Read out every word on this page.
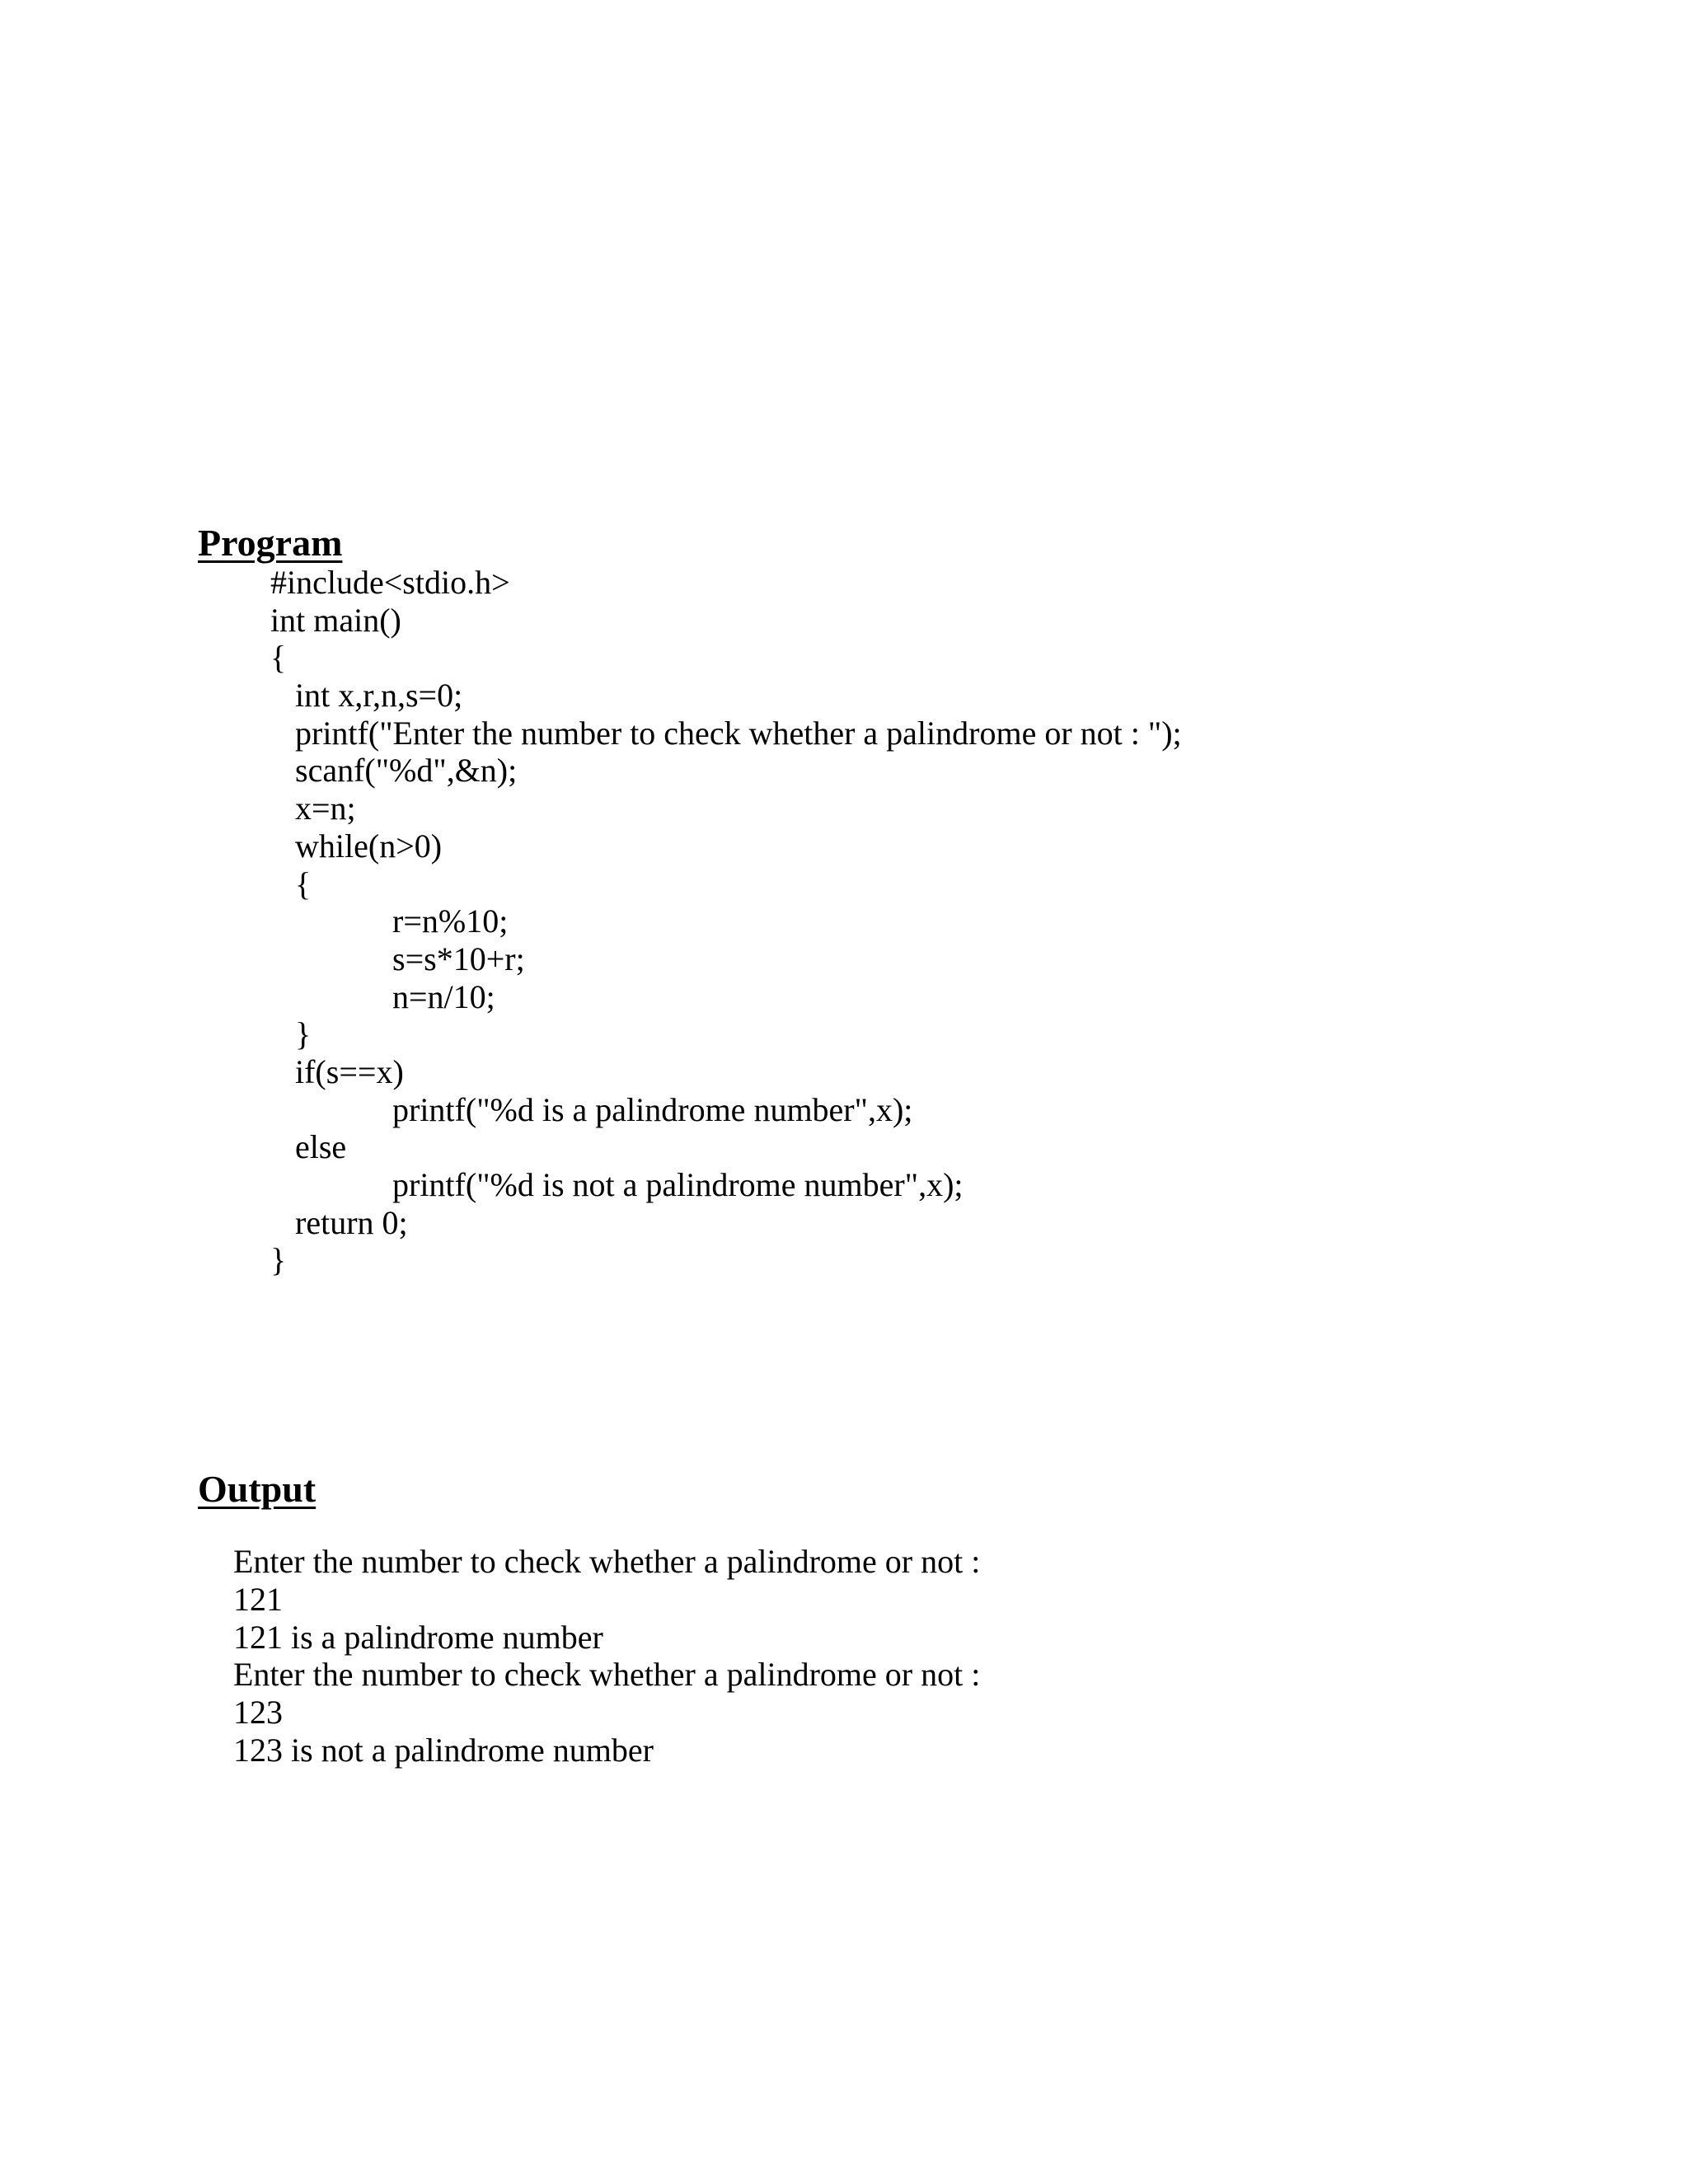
Program
#include<stdio.h>
int main()
{
int x,r,n,s=0;
printf("Enter the number to check whether a palindrome or not : ");
scanf("%d",&n);
x=n;
while(n>0)
{
r=n%10;
s=s*10+r;
n=n/10;
}
if(s==x)
printf("%d is a palindrome number",x);
else
printf("%d is not a palindrome number",x);
return 0;
}
Output
Enter the number to check whether a palindrome or not :
121
121 is a palindrome number
Enter the number to check whether a palindrome or not :
123
123 is not a palindrome number
